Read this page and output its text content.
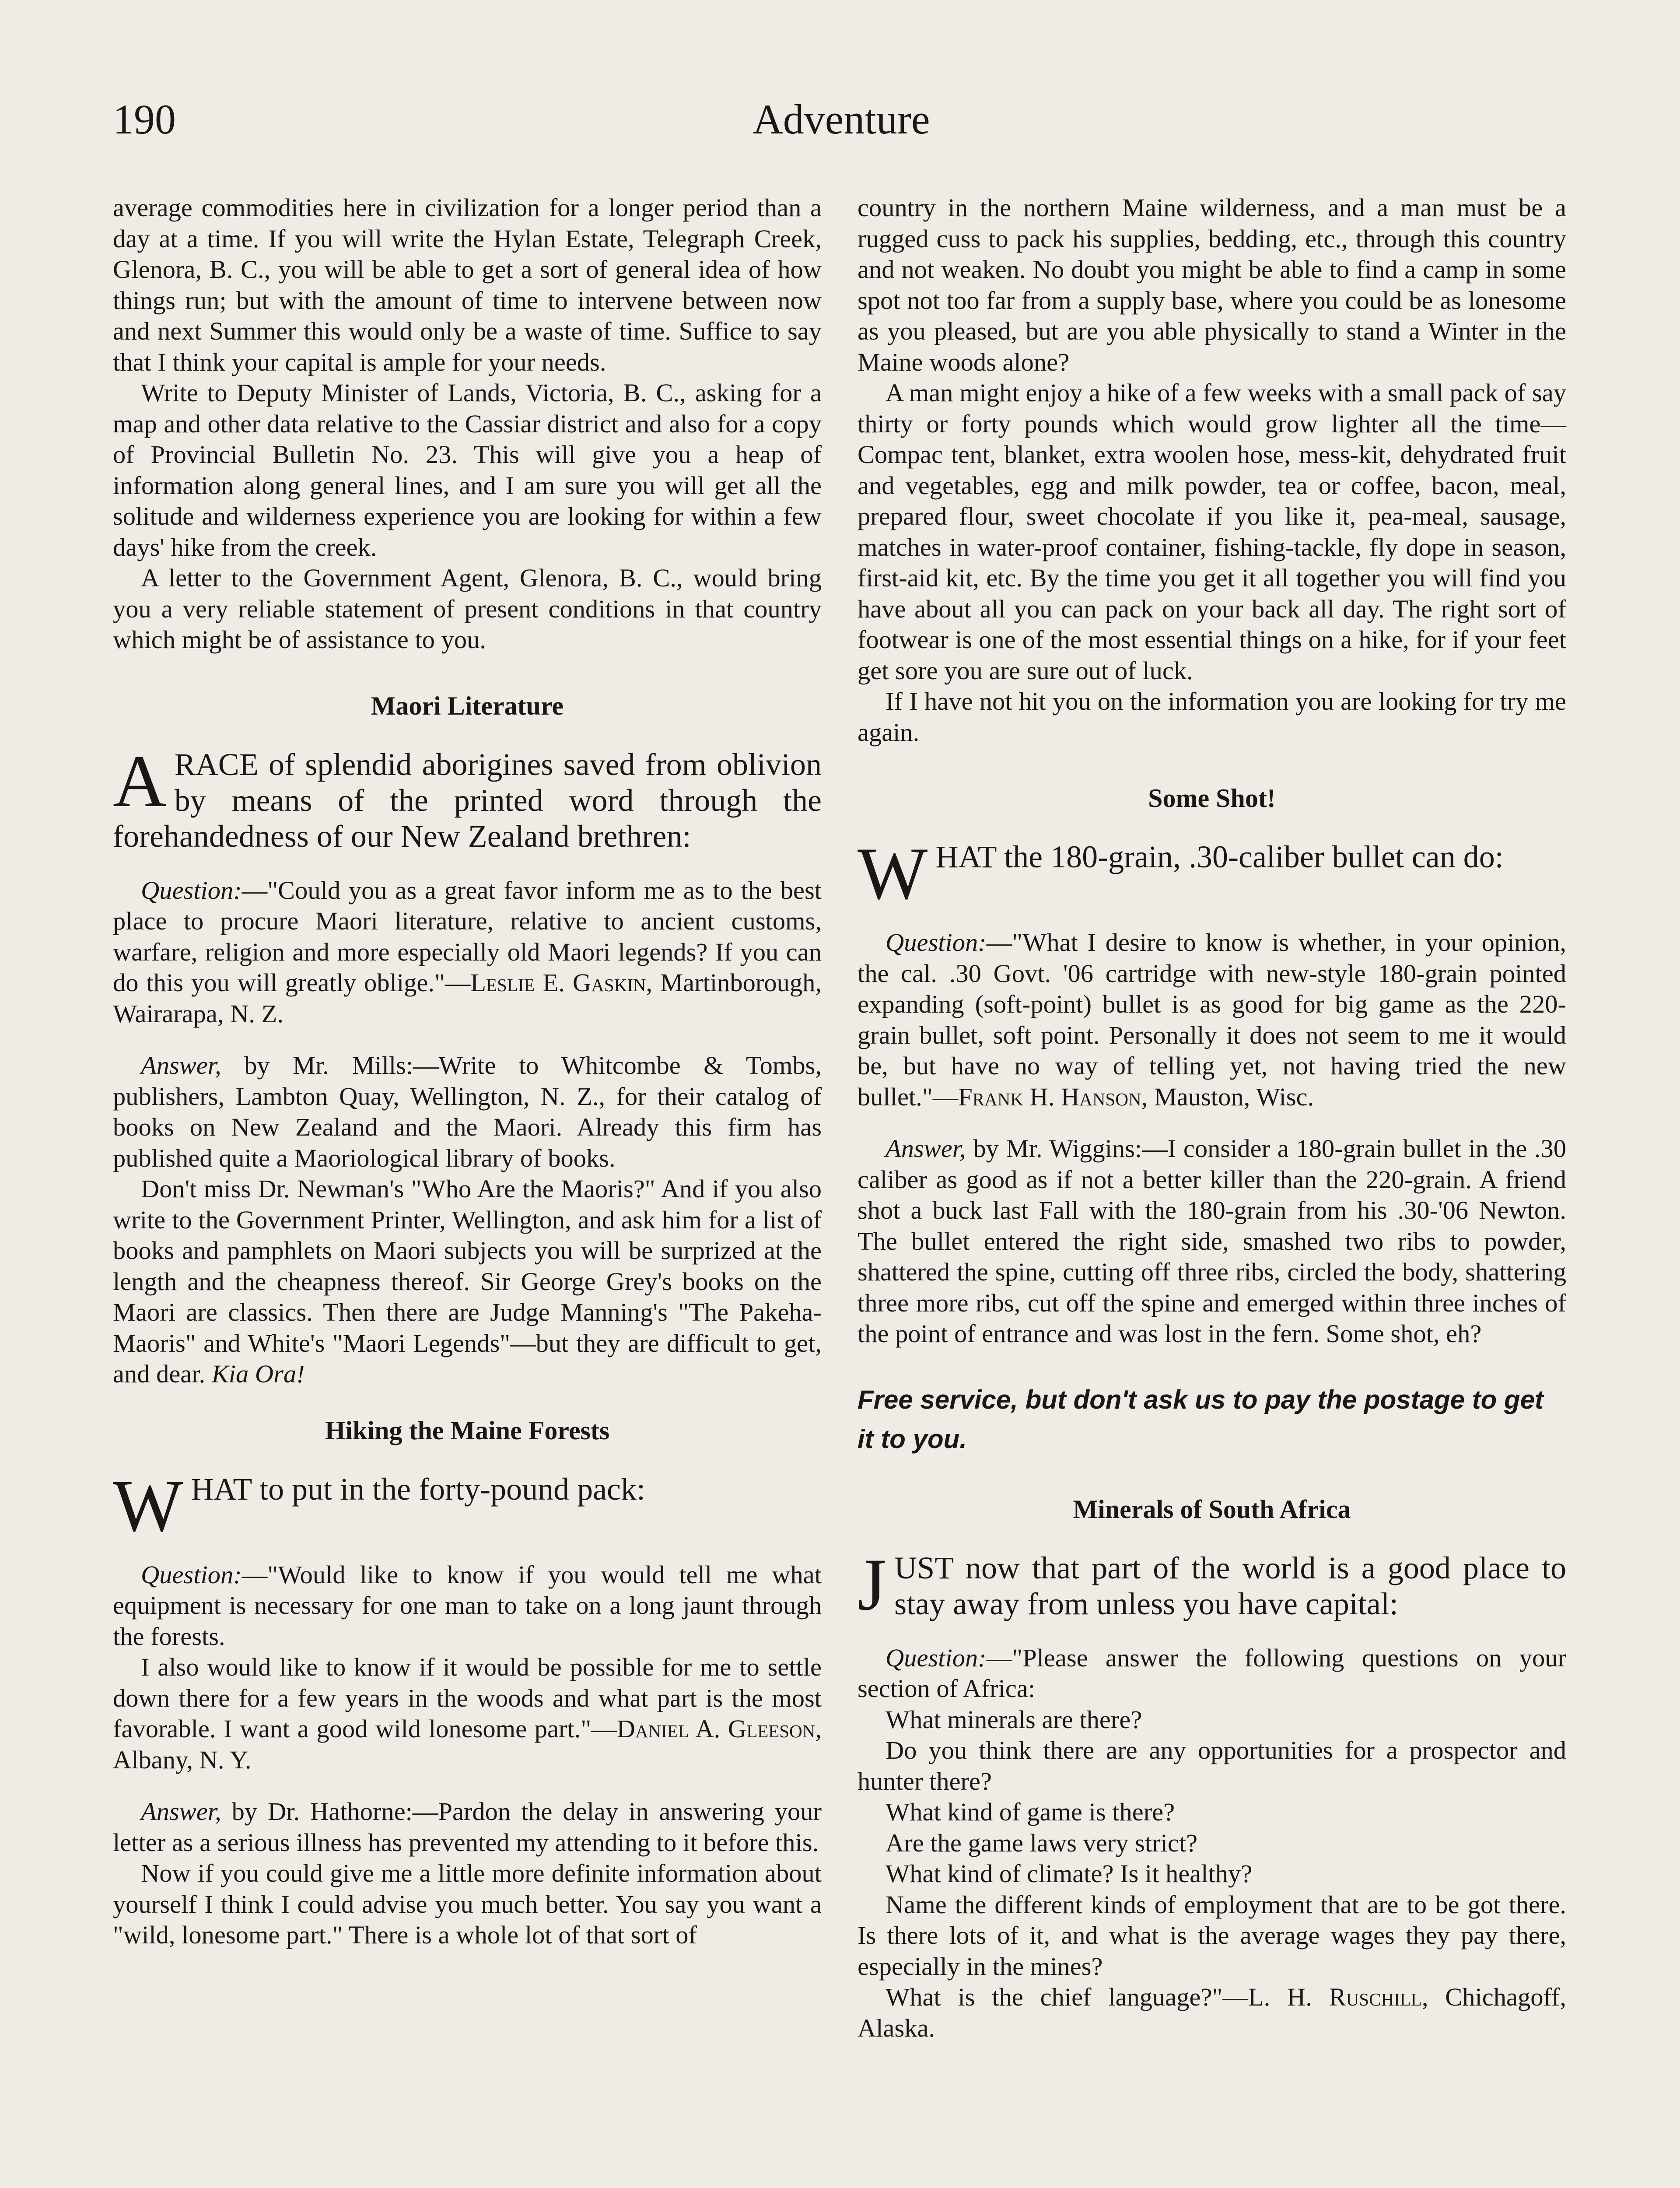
190	Adventure

average commodities here in civilization for a longer period than a day at a time. If you will write the Hylan Estate, Telegraph Creek, Glenora, B. C., you will be able to get a sort of general idea of how things run; but with the amount of time to intervene between now and next Summer this would only be a waste of time. Suffice to say that I think your capital is ample for your needs.

Write to Deputy Minister of Lands, Victoria, B. C., asking for a map and other data relative to the Cassiar district and also for a copy of Provincial Bulletin No. 23. This will give you a heap of information along general lines, and I am sure you will get all the solitude and wilderness experience you are looking for within a few days' hike from the creek.

A letter to the Government Agent, Glenora, B. C., would bring you a very reliable statement of present conditions in that country which might be of assistance to you.

Maori Literature

ARACE of splendid aborigines saved from oblivion by means of the printed word through the forehandedness of our New Zealand brethren:

Question:—"Could you as a great favor inform me as to the best place to procure Maori literature, relative to ancient customs, warfare, religion and more especially old Maori legends? If you can do this you will greatly oblige."—Leslie E. Gaskin, Martinborough, Wairarapa, N. Z.

Answer, by Mr. Mills:—Write to Whitcombe & Tombs, publishers, Lambton Quay, Wellington, N. Z., for their catalog of books on New Zealand and the Maori. Already this firm has published quite a Maoriological library of books.

Don't miss Dr. Newman's "Who Are the Maoris?" And if you also write to the Government Printer, Wellington, and ask him for a list of books and pamphlets on Maori subjects you will be surprized at the length and the cheapness thereof. Sir George Grey's books on the Maori are classics. Then there are Judge Manning's "The Pakeha-Maoris" and White's "Maori Legends"—but they are difficult to get, and dear. Kia Ora!

Hiking the Maine Forests

WHAT to put in the forty-pound pack:

Question:—"Would like to know if you would tell me what equipment is necessary for one man to take on a long jaunt through the forests.

I also would like to know if it would be possible for me to settle down there for a few years in the woods and what part is the most favorable. I want a good wild lonesome part."—Daniel A. Gleeson, Albany, N. Y.

Answer, by Dr. Hathorne:—Pardon the delay in answering your letter as a serious illness has prevented my attending to it before this.

Now if you could give me a little more definite information about yourself I think I could advise you much better. You say you want a "wild, lonesome part." There is a whole lot of that sort of

country in the northern Maine wilderness, and a man must be a rugged cuss to pack his supplies, bedding, etc., through this country and not weaken. No doubt you might be able to find a camp in some spot not too far from a supply base, where you could be as lonesome as you pleased, but are you able physically to stand a Winter in the Maine woods alone?

A man might enjoy a hike of a few weeks with a small pack of say thirty or forty pounds which would grow lighter all the time—Compac tent, blanket, extra woolen hose, mess-kit, dehydrated fruit and vegetables, egg and milk powder, tea or coffee, bacon, meal, prepared flour, sweet chocolate if you like it, pea-meal, sausage, matches in water-proof container, fishing-tackle, fly dope in season, first-aid kit, etc. By the time you get it all together you will find you have about all you can pack on your back all day. The right sort of footwear is one of the most essential things on a hike, for if your feet get sore you are sure out of luck.

If I have not hit you on the information you are looking for try me again.

Some Shot!

WHAT the 180-grain, .30-caliber bullet can do:

Question:—"What I desire to know is whether, in your opinion, the cal. .30 Govt. '06 cartridge with new-style 180-grain pointed expanding (soft-point) bullet is as good for big game as the 220-grain bullet, soft point. Personally it does not seem to me it would be, but have no way of telling yet, not having tried the new bullet."—Frank H. Hanson, Mauston, Wisc.

Answer, by Mr. Wiggins:—I consider a 180-grain bullet in the .30 caliber as good as if not a better killer than the 220-grain. A friend shot a buck last Fall with the 180-grain from his .30-'06 Newton. The bullet entered the right side, smashed two ribs to powder, shattered the spine, cutting off three ribs, circled the body, shattering three more ribs, cut off the spine and emerged within three inches of the point of entrance and was lost in the fern. Some shot, eh?

Free service, but don't ask us to pay the postage to get it to you.

Minerals of South Africa

JUST now that part of the world is a good place to stay away from unless you have capital:

Question:—"Please answer the following questions on your section of Africa:

What minerals are there?

Do you think there are any opportunities for a prospector and hunter there?

What kind of game is there?

Are the game laws very strict?

What kind of climate? Is it healthy?

Name the different kinds of employment that are to be got there. Is there lots of it, and what is the average wages they pay there, especially in the mines?

What is the chief language?"—L. H. Ruschill, Chichagoff, Alaska.
